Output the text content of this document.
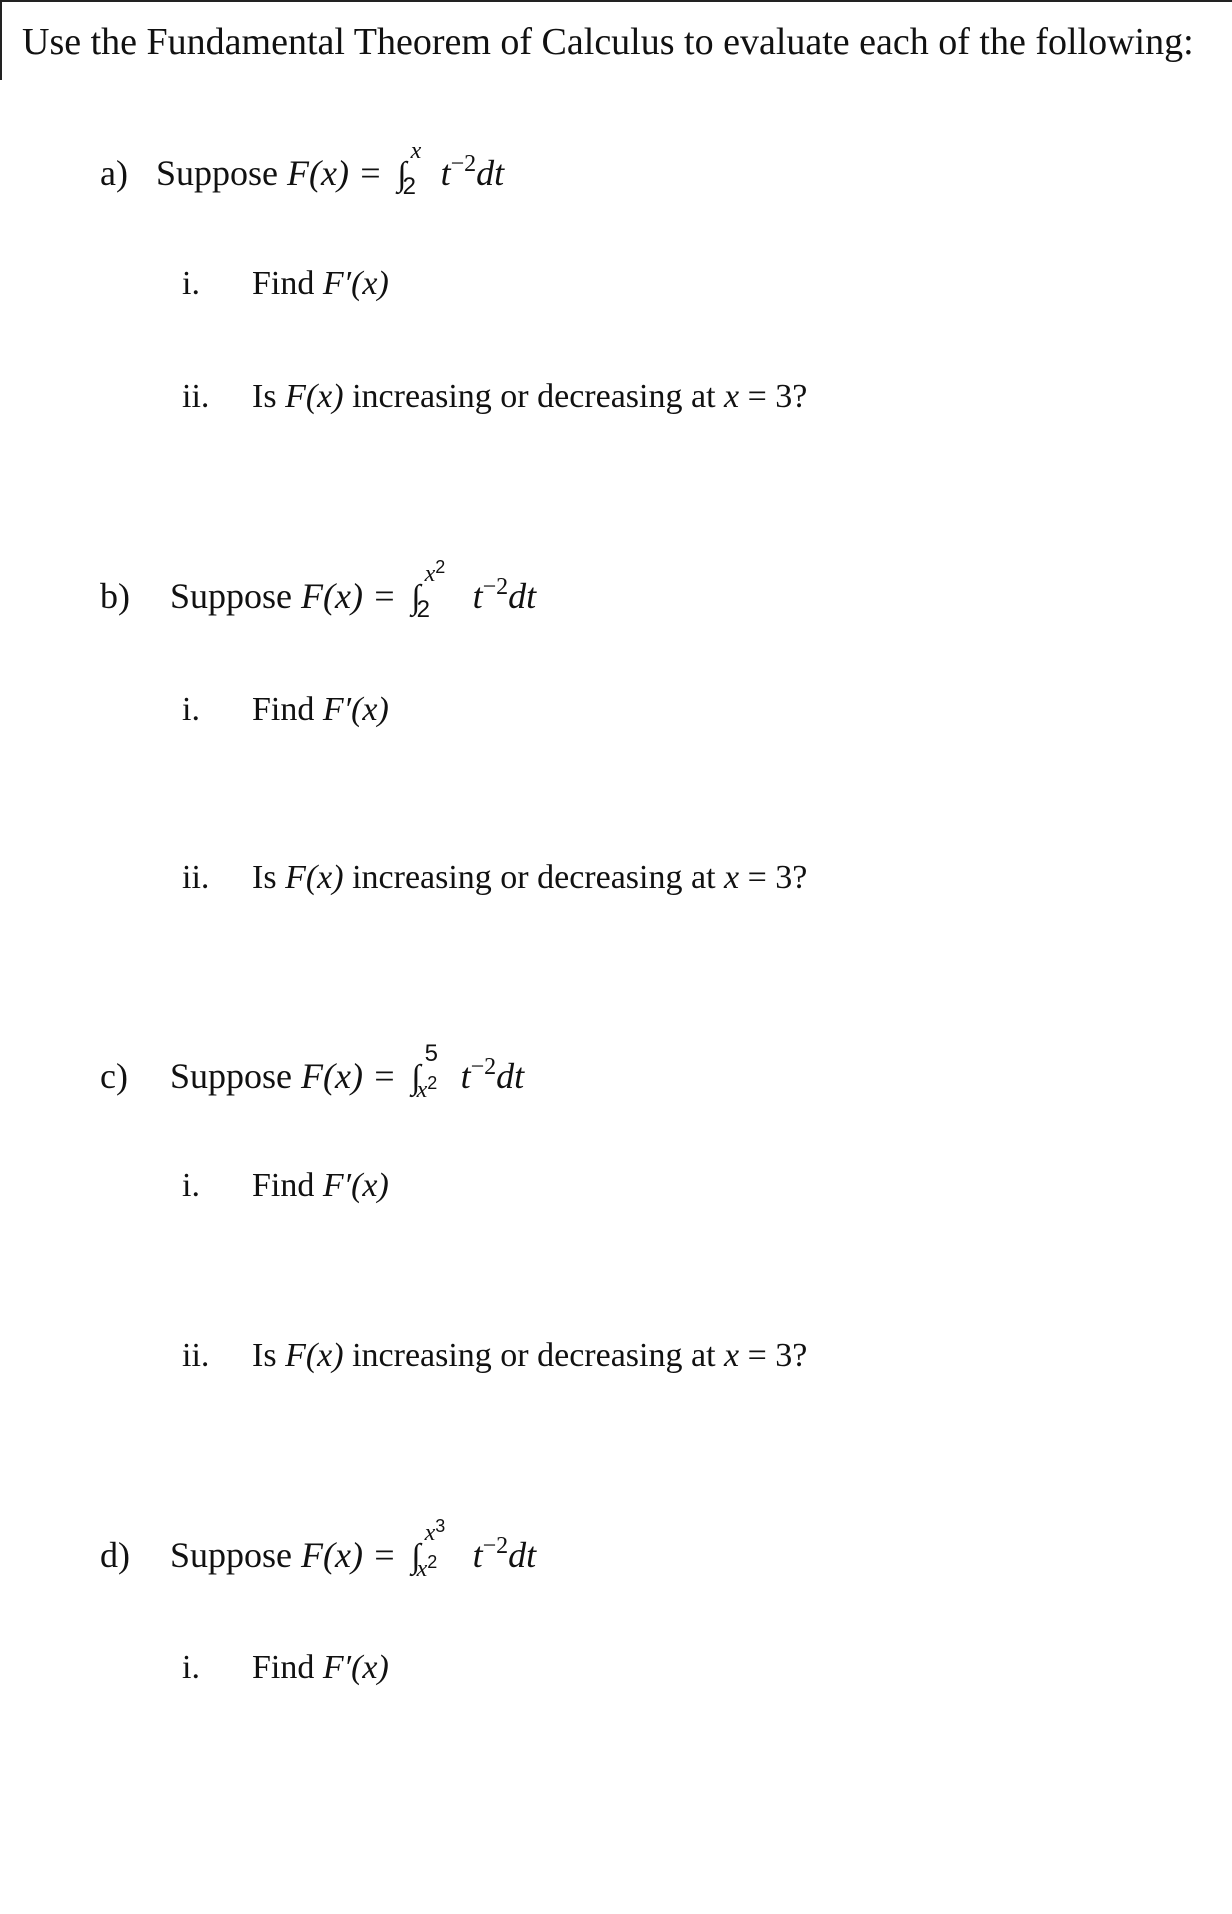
Use the Fundamental Theorem of Calculus to evaluate each of the following:
a) Suppose F(x) = ∫
x
2 $t^{-2}dt$
i. Find F′(x)
ii. Is F(x) increasing or decreasing at x = 3?
b) Suppose F(x) = ∫
$x^2$
2 $t^{-2}dt$
i. Find F′(x)
ii. Is F(x) increasing or decreasing at x = 3?
c) Suppose F(x) = ∫
5
$x^2$ $t^{-2}dt$
i. Find F′(x)
ii. Is F(x) increasing or decreasing at x = 3?
d) Suppose F(x) = ∫
$x^3$
$x^2$ $t^{-2}dt$
i. Find F′(x)
